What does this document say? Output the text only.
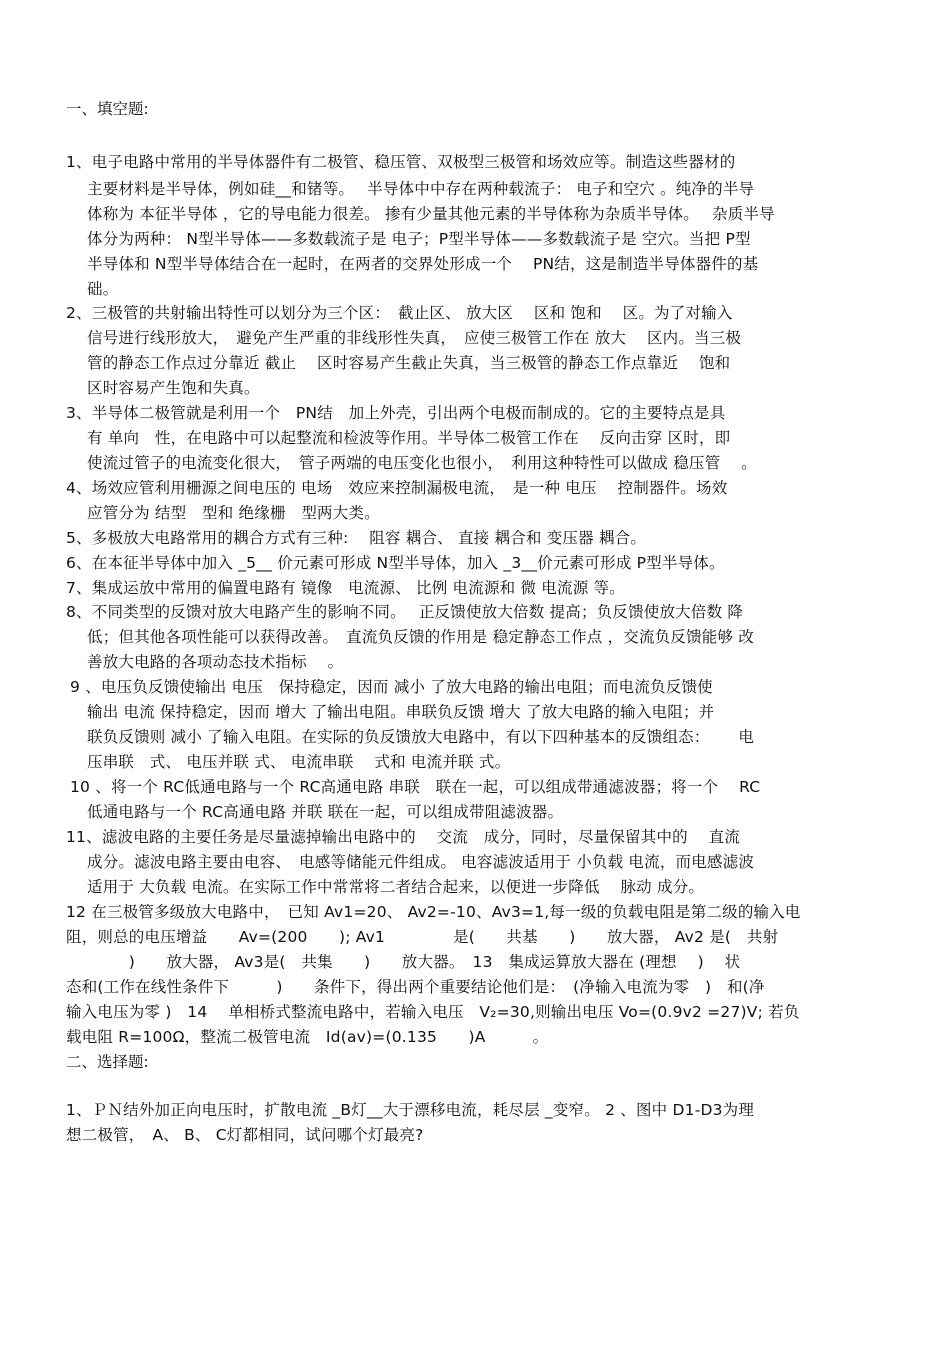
一、填空题:
1、电子电路中常用的半导体器件有二极管、稳压管、双极型三极管和场效应等。制造这些器材的
主要材料是半导体，例如硅__和锗等。　 半导体中中存在两种载流子： 电子和空穴 。纯净的半导
体称为 本征半导体 ，它的导电能力很差。 掺有少量其他元素的半导体称为杂质半导体。　 杂质半导
体分为两种： N型半导体——多数载流子是 电子；P型半导体——多数载流子是 空穴。当把 P型
半导体和 N型半导体结合在一起时，在两者的交界处形成一个　 PN结，这是制造半导体器件的基
础。
2、三极管的共射输出特性可以划分为三个区：　截止区、 放大区　 区和 饱和　 区。为了对输入
信号进行线形放大，　避免产生严重的非线形性失真，　应使三极管工作在 放大　 区内。当三极
管的静态工作点过分靠近 截止　 区时容易产生截止失真，当三极管的静态工作点靠近　 饱和
区时容易产生饱和失真。
3、半导体二极管就是利用一个　PN结　加上外壳，引出两个电极而制成的。它的主要特点是具
有 单向　性，在电路中可以起整流和检波等作用。半导体二极管工作在　 反向击穿 区时，即
使流过管子的电流变化很大，　管子两端的电压变化也很小，　利用这种特性可以做成 稳压管　 。
4、场效应管利用栅源之间电压的 电场　效应来控制漏极电流，　是一种 电压　 控制器件。场效
应管分为 结型　型和 绝缘栅　型两大类。
5、多极放大电路常用的耦合方式有三种: 　阻容 耦合、 直接 耦合和 变压器 耦合。
6、在本征半导体中加入 _5__ 价元素可形成 N型半导体，加入 _3__价元素可形成 P型半导体。
7、集成运放中常用的偏置电路有 镜像　电流源、 比例 电流源和 微 电流源 等。
8、不同类型的反馈对放大电路产生的影响不同。　 正反馈使放大倍数 提高；负反馈使放大倍数 降
低；但其他各项性能可以获得改善。　直流负反馈的作用是 稳定静态工作点 ，交流负反馈能够 改
善放大电路的各项动态技术指标　 。
9 、电压负反馈使输出 电压　保持稳定，因而 减小 了放大电路的输出电阻；而电流负反馈使
输出 电流 保持稳定，因而 增大 了输出电阻。串联负反馈 增大 了放大电路的输入电阻；并
联负反馈则 减小 了输入电阻。在实际的负反馈放大电路中，有以下四种基本的反馈组态：　　 电
压串联　式、 电压并联 式、 电流串联　 式和 电流并联 式。
10 、将一个 RC低通电路与一个 RC高通电路 串联　联在一起，可以组成带通滤波器；将一个　 RC
低通电路与一个 RC高通电路 并联 联在一起，可以组成带阻滤波器。
11、滤波电路的主要任务是尽量滤掉输出电路中的　 交流　成分，同时，尽量保留其中的　 直流
成分。滤波电路主要由电容、　电感等储能元件组成。 电容滤波适用于 小负载 电流，而电感滤波
适用于 大负载 电流。在实际工作中常常将二者结合起来，以便进一步降低　 脉动 成分。
12 在三极管多级放大电路中，　已知 Av1=20、 Av2=-10、Av3=1,每一级的负载电阻是第二级的输入电
阻，则总的电压增益　　Av=(200　　); Av1　　　　 是(　　共基　　)　　放大器， Av2 是(　共射
　　　　)　　放大器， Av3是(　共集　　)　　放大器。　13　集成运算放大器在 (理想　 )　 状
态和(工作在线性条件下　　　)　　条件下，得出两个重要结论他们是：　(净输入电流为零　)　和(净
输入电压为零 )　14　 单相桥式整流电路中，若输入电压　V₂=30,则输出电压 Vo=(0.9v2 =27)V; 若负
载电阻 R=100Ω，整流二极管电流　Id(av)=(0.135　　)A　　　。
二、选择题:
1、ＰＮ结外加正向电压时，扩散电流 _B灯__大于漂移电流，耗尽层 _变窄。 2 、图中 D1-D3为理
想二极管，　A、 B、 C灯都相同，试问哪个灯最亮?
